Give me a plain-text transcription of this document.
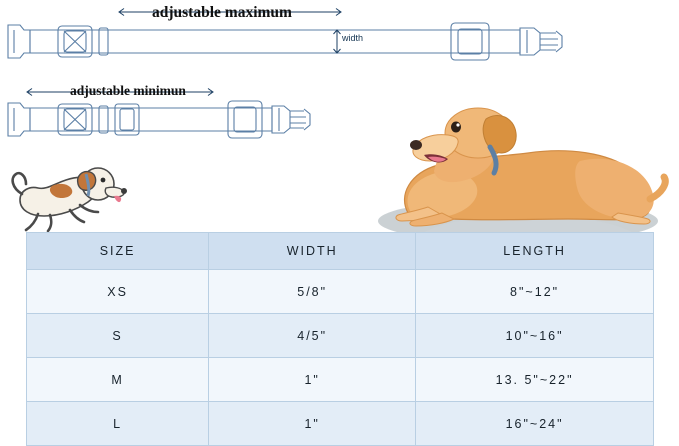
adjustable maximum
adjustable minimun
width
SIZE	WIDTH	LENGTH
XS	5/8"	8"~12"
S	4/5"	10"~16"
M	1"	13. 5"~22"
L	1"	16"~24"
